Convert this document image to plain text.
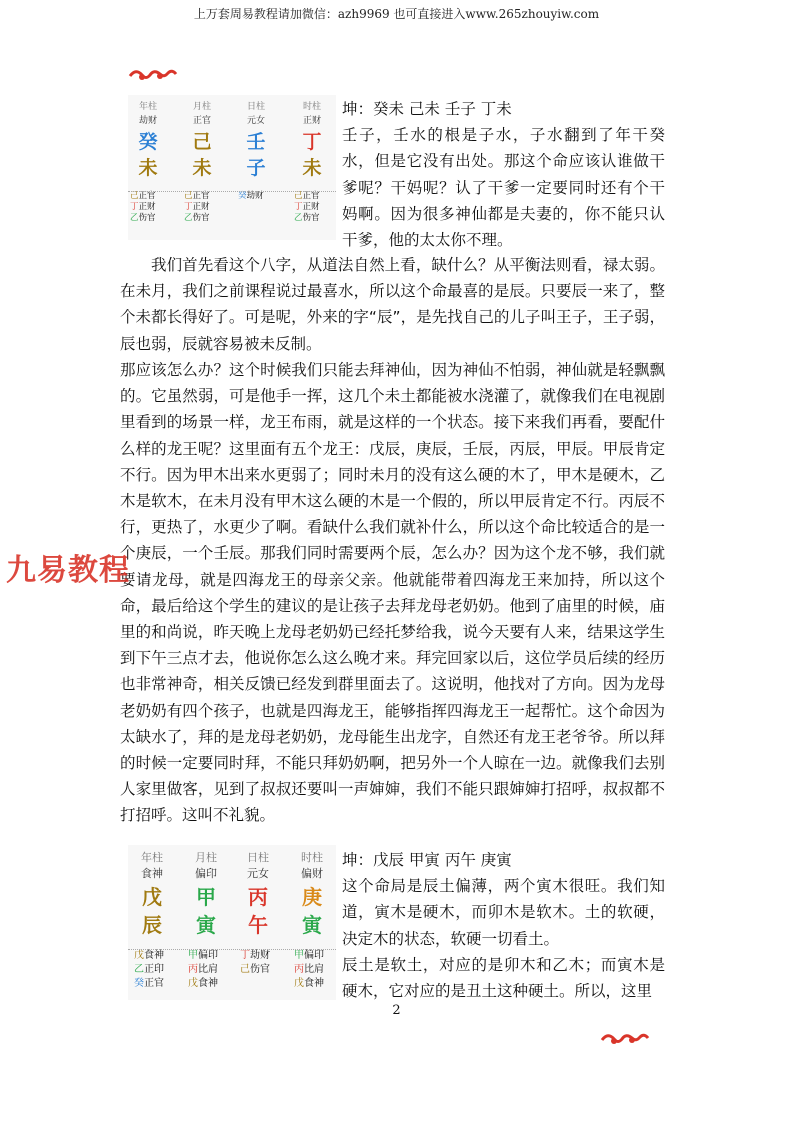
上万套周易教程请加微信：azh9969 也可直接进入www.265zhouyiw.com
年柱
劫财
癸
未
己正官
丁正财
乙伤官
月柱
正官
己
未
己正官
丁正财
乙伤官
日柱
元女
壬
子
癸劫财
时柱
正财
丁
未
己正官
丁正财
乙伤官
年柱
食神
戊
辰
戊食神
乙正印
癸正官
月柱
偏印
甲
寅
甲偏印
丙比肩
戊食神
日柱
元女
丙
午
丁劫财
己伤官
时柱
偏财
庚
寅
甲偏印
丙比肩
戊食神

坤：癸未 己未 壬子 丁未
壬子，壬水的根是子水，子水翻到了年干癸水，但是它没有出处。那这个命应该认谁做干爹呢？干妈呢？认了干爹一定要同时还有个干妈啊。因为很多神仙都是夫妻的，你不能只认干爹，他的太太你不理。

我们首先看这个八字，从道法自然上看，缺什么？从平衡法则看，禄太弱。在未月，我们之前课程说过最喜水，所以这个命最喜的是辰。只要辰一来了，整个未都长得好了。可是呢，外来的字“辰”，是先找自己的儿子叫王子，王子弱，辰也弱，辰就容易被未反制。

那应该怎么办？这个时候我们只能去拜神仙，因为神仙不怕弱，神仙就是轻飘飘的。它虽然弱，可是他手一挥，这几个未土都能被水浇灌了，就像我们在电视剧里看到的场景一样，龙王布雨，就是这样的一个状态。接下来我们再看，要配什么样的龙王呢？这里面有五个龙王：戊辰，庚辰，壬辰，丙辰，甲辰。甲辰肯定不行。因为甲木出来水更弱了；同时未月的没有这么硬的木了，甲木是硬木，乙木是软木，在未月没有甲木这么硬的木是一个假的，所以甲辰肯定不行。丙辰不行，更热了，水更少了啊。看缺什么我们就补什么，所以这个命比较适合的是一个庚辰，一个壬辰。那我们同时需要两个辰，怎么办？因为这个龙不够，我们就要请龙母，就是四海龙王的母亲父亲。他就能带着四海龙王来加持，所以这个命，最后给这个学生的建议的是让孩子去拜龙母老奶奶。他到了庙里的时候，庙里的和尚说，昨天晚上龙母老奶奶已经托梦给我，说今天要有人来，结果这学生到下午三点才去，他说你怎么这么晚才来。拜完回家以后，这位学员后续的经历也非常神奇，相关反馈已经发到群里面去了。这说明，他找对了方向。因为龙母老奶奶有四个孩子，也就是四海龙王，能够指挥四海龙王一起帮忙。这个命因为太缺水了，拜的是龙母老奶奶，龙母能生出龙字，自然还有龙王老爷爷。所以拜的时候一定要同时拜，不能只拜奶奶啊，把另外一个人晾在一边。就像我们去别人家里做客，见到了叔叔还要叫一声婶婶，我们不能只跟婶婶打招呼，叔叔都不打招呼。这叫不礼貌。

坤：戊辰 甲寅 丙午 庚寅
这个命局是辰土偏薄，两个寅木很旺。我们知道，寅木是硬木，而卯木是软木。土的软硬，决定木的状态，软硬一切看土。
辰土是软土，对应的是卯木和乙木；而寅木是硬木，它对应的是丑土这种硬土。所以，这里

九易教程
2
